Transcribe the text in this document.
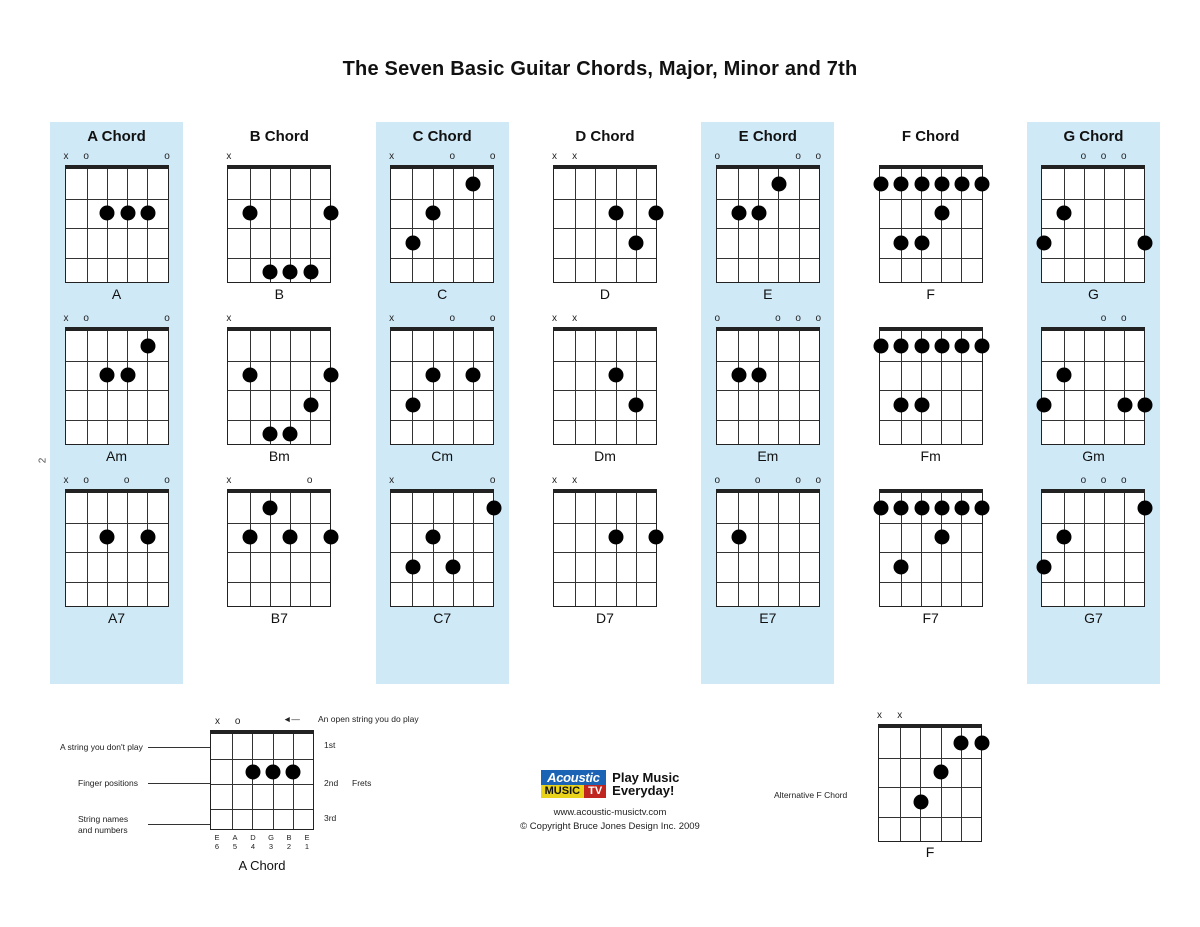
The Seven Basic Guitar Chords, Major, Minor and 7th
2
A Chord
x o	o
A
x o	o
Am
x o	o	o
A7
B Chord
x
B
x
Bm
x	o
B7
C Chord
x	o	o
C
x	o	o
Cm
x	o
C7
D Chord
x x
D
x x
Dm
x x
D7
E Chord
o	o o
E
o	o o o
Em
o	o	o o
E7
F Chord
F
Fm
F7
G Chord
o o o
G
o o
Gm
o o o
G7
x o
E
6
A
5
D
4
G
3
B
2
E
1
A Chord
◄— An open string you do play
A string you don't play
Finger positions
String names
and numbers
1st
2nd Frets
3rd
Acoustic
MUSIC TV
Play Music
Everyday!
www.acoustic-musictv.com
© Copyright Bruce Jones Design Inc. 2009
Alternative F Chord
x x
F
